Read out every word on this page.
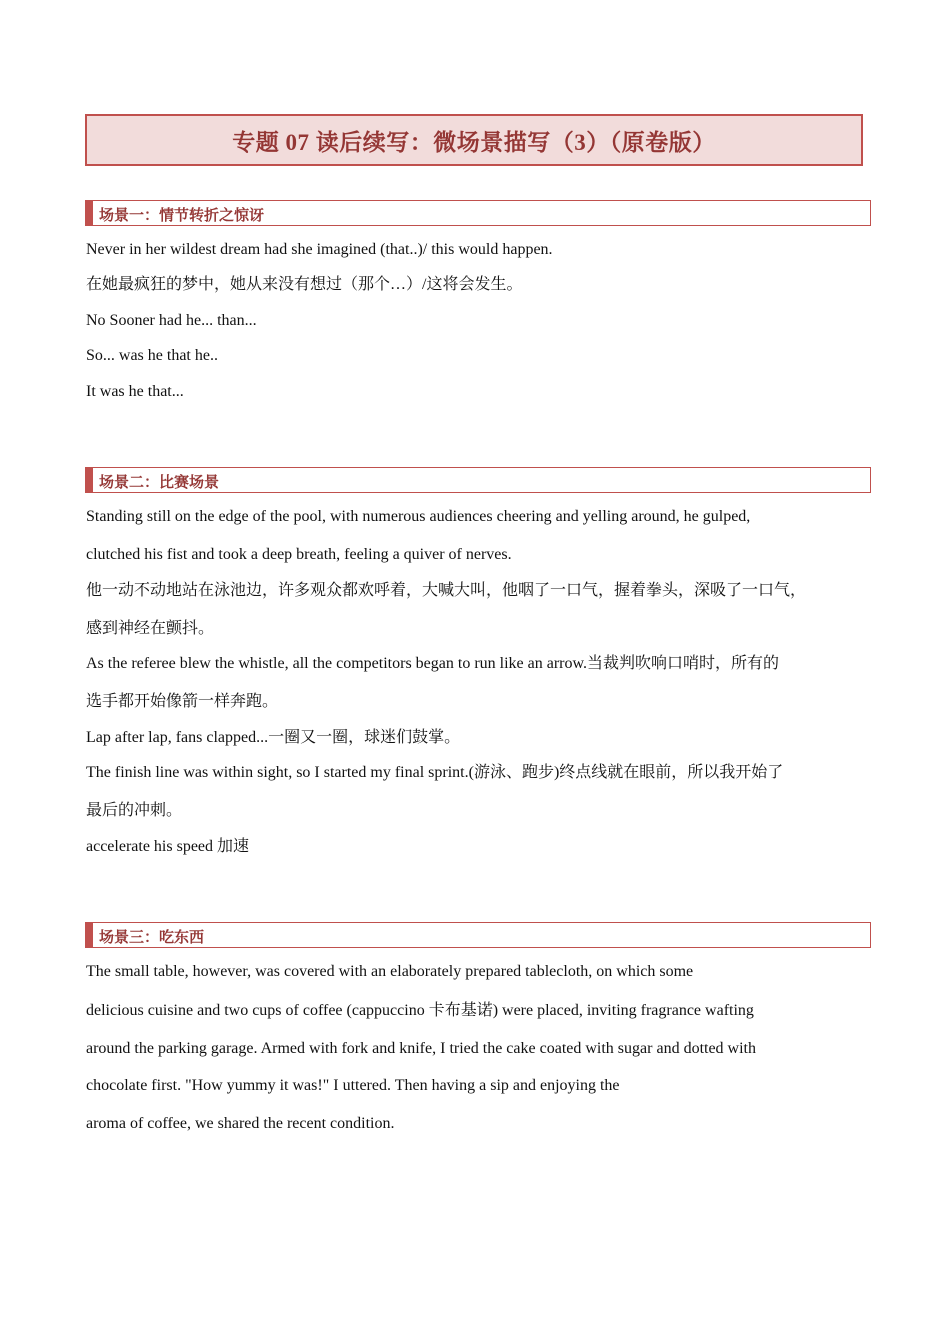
专题 07 读后续写：微场景描写（3）（原卷版）
场景一：情节转折之惊讶
Never in her wildest dream had she imagined (that..)/ this would happen.
在她最疯狂的梦中，她从来没有想过（那个…）/这将会发生。
No Sooner had he... than...
So... was he that he..
It was he that...
场景二：比赛场景
Standing still on the edge of the pool, with numerous audiences cheering and yelling around, he gulped,
clutched his fist and took a deep breath, feeling a quiver of nerves.
他一动不动地站在泳池边，许多观众都欢呼着，大喊大叫，他咽了一口气，握着拳头，深吸了一口气，
感到神经在颤抖。
As the referee blew the whistle, all the competitors began to run like an arrow.当裁判吹响口哨时，所有的
选手都开始像箭一样奔跑。
Lap after lap, fans clapped...一圈又一圈，球迷们鼓掌。
The finish line was within sight, so I started my final sprint.(游泳、跑步)终点线就在眼前，所以我开始了
最后的冲刺。
accelerate his speed 加速
场景三：吃东西
The small table, however, was covered with an elaborately prepared tablecloth, on which some
delicious cuisine and two cups of coffee (cappuccino 卡布基诺) were placed, inviting fragrance wafting
around the parking garage. Armed with fork and knife, I tried the cake coated with sugar and dotted with
chocolate first. "How yummy it was!" I uttered. Then having a sip and enjoying the
aroma of coffee, we shared the recent condition.
